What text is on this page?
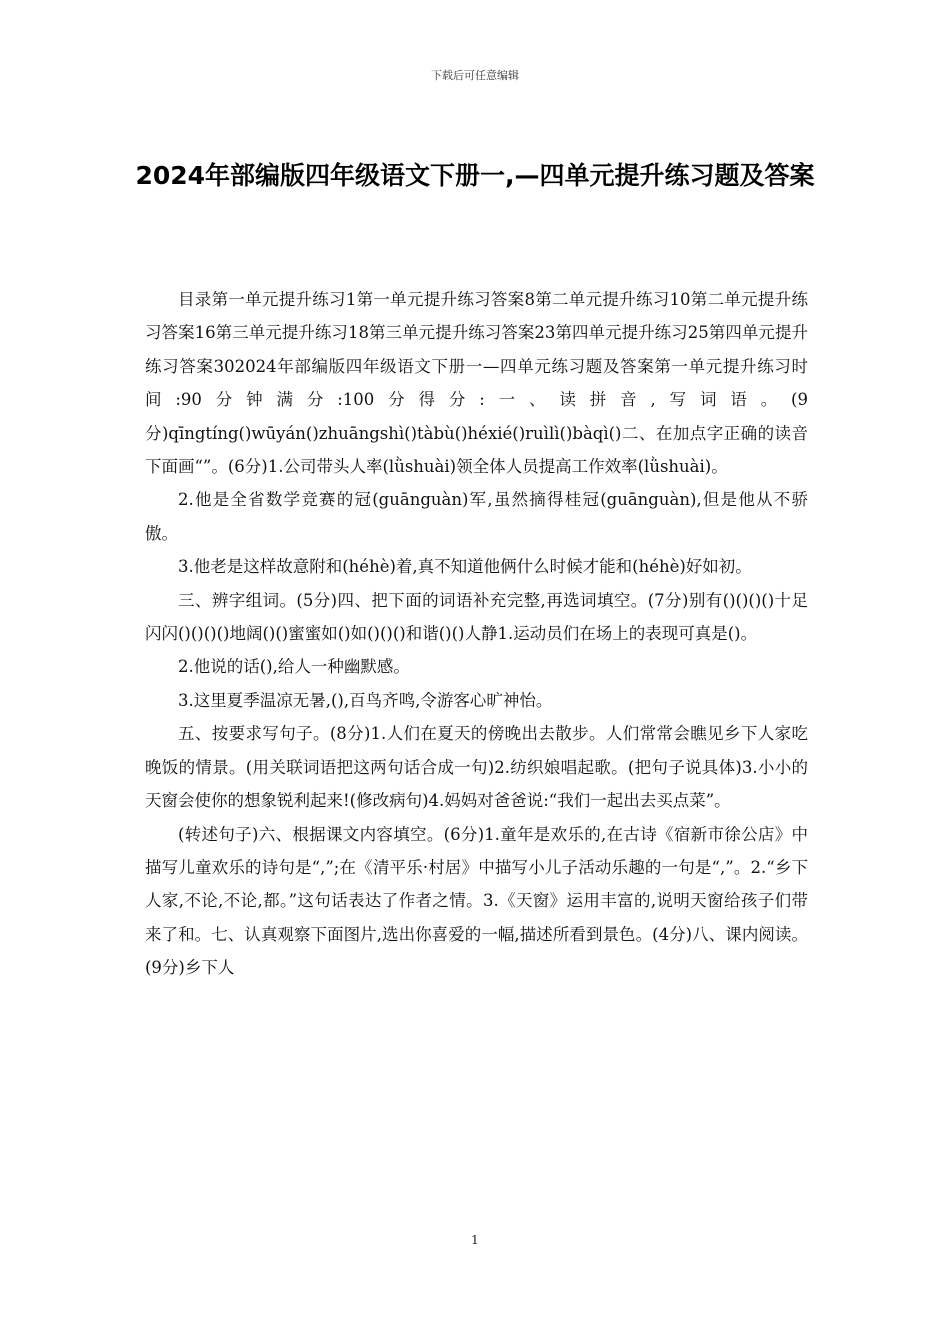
下载后可任意编辑
2024年部编版四年级语文下册一,—四单元提升练习题及答案

目录第一单元提升练习1第一单元提升练习答案8第二单元提升练习10第二单元提升练习答案16第三单元提升练习18第三单元提升练习答案23第四单元提升练习25第四单元提升练习答案302024年部编版四年级语文下册一—四单元练习题及答案第一单元提升练习时间:90分钟满分:100分得分:一、读拼音,写词语。(9分)qīngtíng()wūyán()zhuāngshì()tàbù()héxié()ruìlì()bàqì()二、在加点字正确的读音下面画“”。(6分)1.公司带头人率(lǜshuài)领全体人员提高工作效率(lǜshuài)。

2.他是全省数学竞赛的冠(guānguàn)军,虽然摘得桂冠(guānguàn),但是他从不骄傲。

3.他老是这样故意附和(héhè)着,真不知道他俩什么时候才能和(héhè)好如初。

三、辨字组词。(5分)四、把下面的词语补充完整,再选词填空。(7分)别有()()()()十足闪闪()()()()地阔()()蜜蜜如()如()()()和谐()()人静1.运动员们在场上的表现可真是()。

2.他说的话(),给人一种幽默感。

3.这里夏季温凉无暑,(),百鸟齐鸣,令游客心旷神怡。

五、按要求写句子。(8分)1.人们在夏天的傍晚出去散步。人们常常会瞧见乡下人家吃晚饭的情景。(用关联词语把这两句话合成一句)2.纺织娘唱起歌。(把句子说具体)3.小小的天窗会使你的想象锐利起来!(修改病句)4.妈妈对爸爸说:“我们一起出去买点菜”。

(转述句子)六、根据课文内容填空。(6分)1.童年是欢乐的,在古诗《宿新市徐公店》中描写儿童欢乐的诗句是“,”;在《清平乐·村居》中描写小儿子活动乐趣的一句是“,”。2.“乡下人家,不论,不论,都。”这句话表达了作者之情。3.《天窗》运用丰富的,说明天窗给孩子们带来了和。七、认真观察下面图片,选出你喜爱的一幅,描述所看到景色。(4分)八、课内阅读。(9分)乡下人

1
